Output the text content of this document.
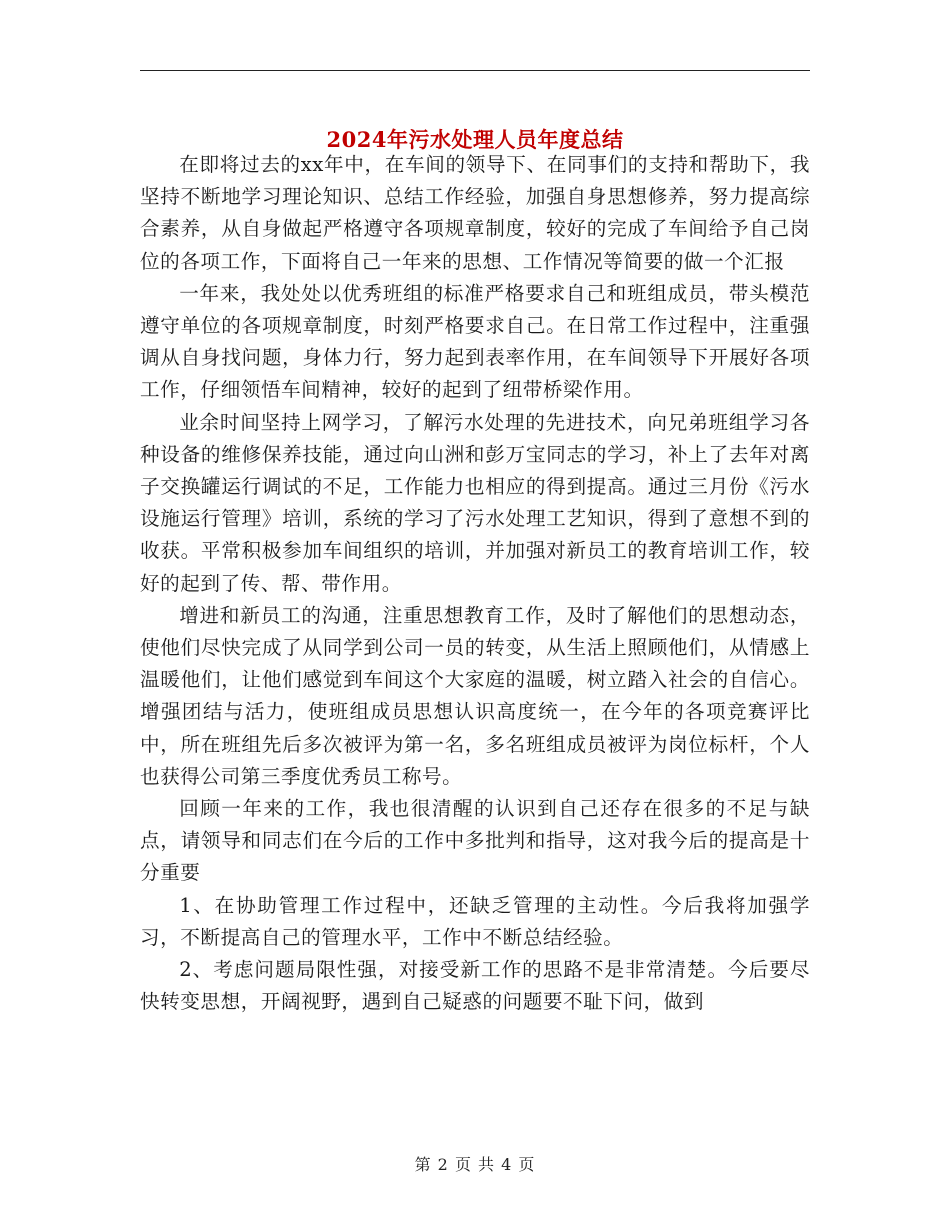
2024年污水处理人员年度总结

在即将过去的xx年中，在车间的领导下、在同事们的支持和帮助下，我坚持不断地学习理论知识、总结工作经验，加强自身思想修养，努力提高综合素养，从自身做起严格遵守各项规章制度，较好的完成了车间给予自己岗位的各项工作，下面将自己一年来的思想、工作情况等简要的做一个汇报

一年来，我处处以优秀班组的标准严格要求自己和班组成员，带头模范遵守单位的各项规章制度，时刻严格要求自己。在日常工作过程中，注重强调从自身找问题，身体力行，努力起到表率作用，在车间领导下开展好各项工作，仔细领悟车间精神，较好的起到了纽带桥梁作用。

业余时间坚持上网学习，了解污水处理的先进技术，向兄弟班组学习各种设备的维修保养技能，通过向山洲和彭万宝同志的学习，补上了去年对离子交换罐运行调试的不足，工作能力也相应的得到提高。通过三月份《污水设施运行管理》培训，系统的学习了污水处理工艺知识，得到了意想不到的收获。平常积极参加车间组织的培训，并加强对新员工的教育培训工作，较好的起到了传、帮、带作用。

增进和新员工的沟通，注重思想教育工作，及时了解他们的思想动态，使他们尽快完成了从同学到公司一员的转变，从生活上照顾他们，从情感上温暖他们，让他们感觉到车间这个大家庭的温暖，树立踏入社会的自信心。增强团结与活力，使班组成员思想认识高度统一，在今年的各项竞赛评比中，所在班组先后多次被评为第一名，多名班组成员被评为岗位标杆，个人也获得公司第三季度优秀员工称号。

回顾一年来的工作，我也很清醒的认识到自己还存在很多的不足与缺点，请领导和同志们在今后的工作中多批判和指导，这对我今后的提高是十分重要

1、在协助管理工作过程中，还缺乏管理的主动性。今后我将加强学习，不断提高自己的管理水平，工作中不断总结经验。

2、考虑问题局限性强，对接受新工作的思路不是非常清楚。今后要尽快转变思想，开阔视野，遇到自己疑惑的问题要不耻下问，做到

第 2 页 共 4 页
